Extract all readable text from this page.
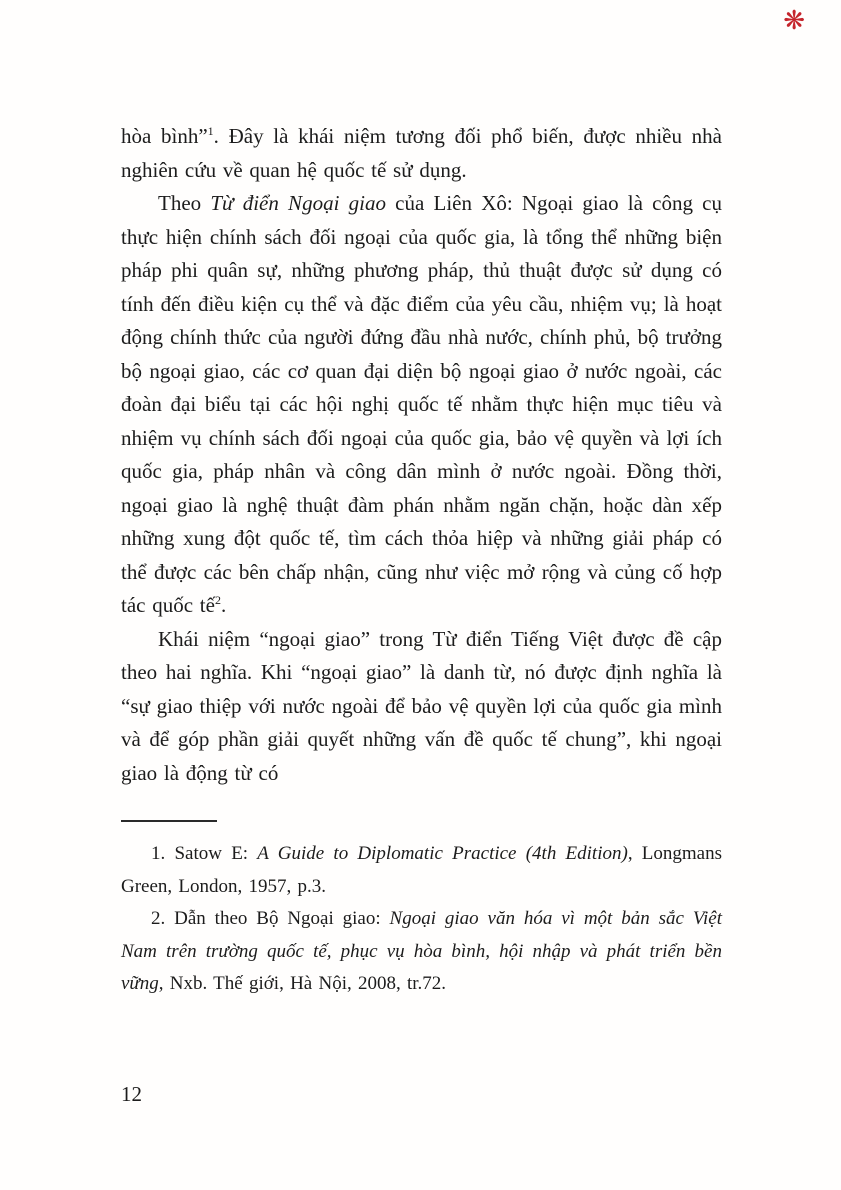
❋

hòa bình”$^1$. Đây là khái niệm tương đối phổ biến, được nhiều nhà nghiên cứu về quan hệ quốc tế sử dụng.

Theo Từ điển Ngoại giao của Liên Xô: Ngoại giao là công cụ thực hiện chính sách đối ngoại của quốc gia, là tổng thể những biện pháp phi quân sự, những phương pháp, thủ thuật được sử dụng có tính đến điều kiện cụ thể và đặc điểm của yêu cầu, nhiệm vụ; là hoạt động chính thức của người đứng đầu nhà nước, chính phủ, bộ trưởng bộ ngoại giao, các cơ quan đại diện bộ ngoại giao ở nước ngoài, các đoàn đại biểu tại các hội nghị quốc tế nhằm thực hiện mục tiêu và nhiệm vụ chính sách đối ngoại của quốc gia, bảo vệ quyền và lợi ích quốc gia, pháp nhân và công dân mình ở nước ngoài. Đồng thời, ngoại giao là nghệ thuật đàm phán nhằm ngăn chặn, hoặc dàn xếp những xung đột quốc tế, tìm cách thỏa hiệp và những giải pháp có thể được các bên chấp nhận, cũng như việc mở rộng và củng cố hợp tác quốc tế$^2$.

Khái niệm “ngoại giao” trong Từ điển Tiếng Việt được đề cập theo hai nghĩa. Khi “ngoại giao” là danh từ, nó được định nghĩa là “sự giao thiệp với nước ngoài để bảo vệ quyền lợi của quốc gia mình và để góp phần giải quyết những vấn đề quốc tế chung”, khi ngoại giao là động từ có

1. Satow E: A Guide to Diplomatic Practice (4th Edition), Longmans Green, London, 1957, p.3.

2. Dẫn theo Bộ Ngoại giao: Ngoại giao văn hóa vì một bản sắc Việt Nam trên trường quốc tế, phục vụ hòa bình, hội nhập và phát triển bền vững, Nxb. Thế giới, Hà Nội, 2008, tr.72.

12
